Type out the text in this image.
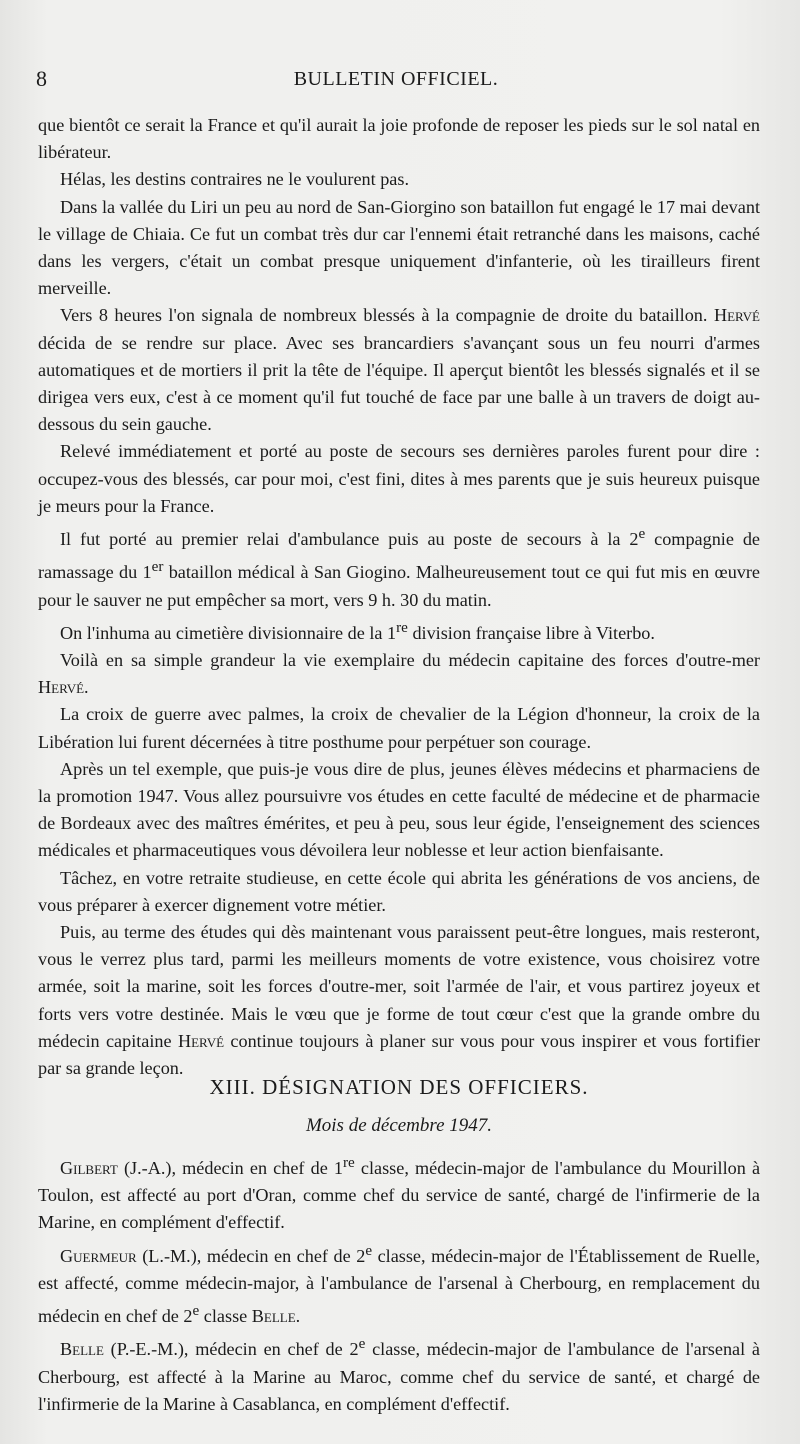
8	BULLETIN OFFICIEL.

que bientôt ce serait la France et qu'il aurait la joie profonde de reposer les pieds sur le sol natal en libérateur.

Hélas, les destins contraires ne le voulurent pas.

Dans la vallée du Liri un peu au nord de San-Giorgino son bataillon fut engagé le 17 mai devant le village de Chiaia. Ce fut un combat très dur car l'ennemi était retranché dans les maisons, caché dans les vergers, c'était un combat presque uniquement d'infanterie, où les tirailleurs firent merveille.

Vers 8 heures l'on signala de nombreux blessés à la compagnie de droite du bataillon. Hervé décida de se rendre sur place. Avec ses brancardiers s'avançant sous un feu nourri d'armes automatiques et de mortiers il prit la tête de l'équipe. Il aperçut bientôt les blessés signalés et il se dirigea vers eux, c'est à ce moment qu'il fut touché de face par une balle à un travers de doigt au-dessous du sein gauche.

Relevé immédiatement et porté au poste de secours ses dernières paroles furent pour dire : occupez-vous des blessés, car pour moi, c'est fini, dites à mes parents que je suis heureux puisque je meurs pour la France.

Il fut porté au premier relai d'ambulance puis au poste de secours à la 2e compagnie de ramassage du 1er bataillon médical à San Giogino. Malheureusement tout ce qui fut mis en œuvre pour le sauver ne put empêcher sa mort, vers 9 h. 30 du matin.

On l'inhuma au cimetière divisionnaire de la 1re division française libre à Viterbo.

Voilà en sa simple grandeur la vie exemplaire du médecin capitaine des forces d'outre-mer Hervé.

La croix de guerre avec palmes, la croix de chevalier de la Légion d'honneur, la croix de la Libération lui furent décernées à titre posthume pour perpétuer son courage.

Après un tel exemple, que puis-je vous dire de plus, jeunes élèves médecins et pharmaciens de la promotion 1947. Vous allez poursuivre vos études en cette faculté de médecine et de pharmacie de Bordeaux avec des maîtres émérites, et peu à peu, sous leur égide, l'enseignement des sciences médicales et pharmaceutiques vous dévoilera leur noblesse et leur action bienfaisante.

Tâchez, en votre retraite studieuse, en cette école qui abrita les générations de vos anciens, de vous préparer à exercer dignement votre métier.

Puis, au terme des études qui dès maintenant vous paraissent peut-être longues, mais resteront, vous le verrez plus tard, parmi les meilleurs moments de votre existence, vous choisirez votre armée, soit la marine, soit les forces d'outre-mer, soit l'armée de l'air, et vous partirez joyeux et forts vers votre destinée. Mais le vœu que je forme de tout cœur c'est que la grande ombre du médecin capitaine Hervé continue toujours à planer sur vous pour vous inspirer et vous fortifier par sa grande leçon.

XIII. DÉSIGNATION DES OFFICIERS.
Mois de décembre 1947.

Gilbert (J.-A.), médecin en chef de 1re classe, médecin-major de l'ambulance du Mourillon à Toulon, est affecté au port d'Oran, comme chef du service de santé, chargé de l'infirmerie de la Marine, en complément d'effectif.

Guermeur (L.-M.), médecin en chef de 2e classe, médecin-major de l'Établissement de Ruelle, est affecté, comme médecin-major, à l'ambulance de l'arsenal à Cherbourg, en remplacement du médecin en chef de 2e classe Belle.

Belle (P.-E.-M.), médecin en chef de 2e classe, médecin-major de l'ambulance de l'arsenal à Cherbourg, est affecté à la Marine au Maroc, comme chef du service de santé, et chargé de l'infirmerie de la Marine à Casablanca, en complément d'effectif.
